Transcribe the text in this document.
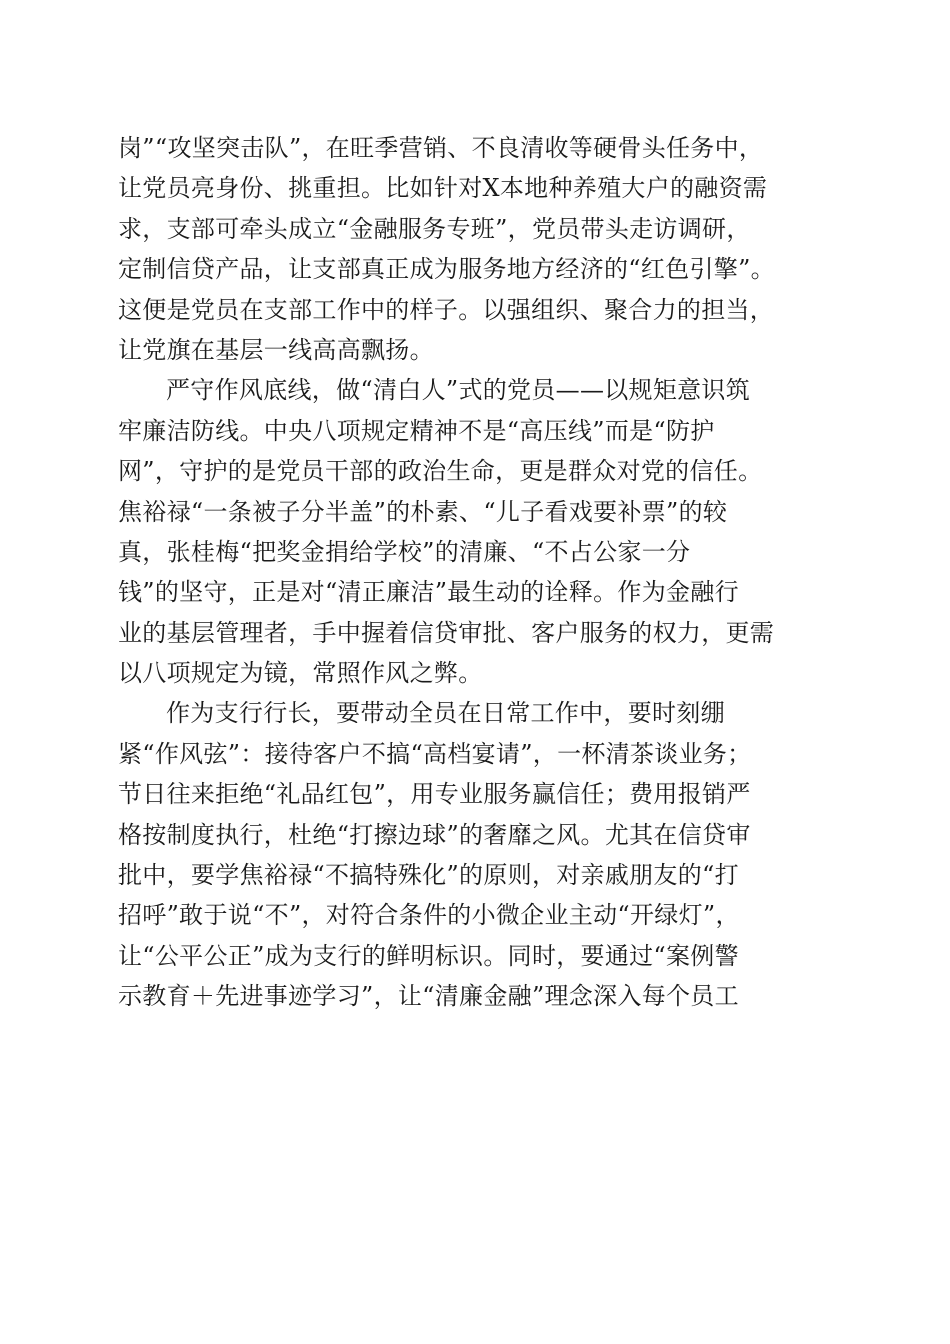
岗”“攻坚突击队”，在旺季营销、不良清收等硬骨头任务中，
让党员亮身份、挑重担。比如针对X本地种养殖大户的融资需
求，支部可牵头成立“金融服务专班”，党员带头走访调研，
定制信贷产品，让支部真正成为服务地方经济的“红色引擎”。
这便是党员在支部工作中的样子。以强组织、聚合力的担当，
让党旗在基层一线高高飘扬。
严守作风底线，做“清白人”式的党员——以规矩意识筑
牢廉洁防线。中央八项规定精神不是“高压线”而是“防护
网”，守护的是党员干部的政治生命，更是群众对党的信任。
焦裕禄“一条被子分半盖”的朴素、“儿子看戏要补票”的较
真，张桂梅“把奖金捐给学校”的清廉、“不占公家一分
钱”的坚守，正是对“清正廉洁”最生动的诠释。作为金融行
业的基层管理者，手中握着信贷审批、客户服务的权力，更需
以八项规定为镜，常照作风之弊。
作为支行行长，要带动全员在日常工作中，要时刻绷
紧“作风弦”：接待客户不搞“高档宴请”，一杯清茶谈业务；
节日往来拒绝“礼品红包”，用专业服务赢信任；费用报销严
格按制度执行，杜绝“打擦边球”的奢靡之风。尤其在信贷审
批中，要学焦裕禄“不搞特殊化”的原则，对亲戚朋友的“打
招呼”敢于说“不”，对符合条件的小微企业主动“开绿灯”，
让“公平公正”成为支行的鲜明标识。同时，要通过“案例警
示教育＋先进事迹学习”，让“清廉金融”理念深入每个员工
